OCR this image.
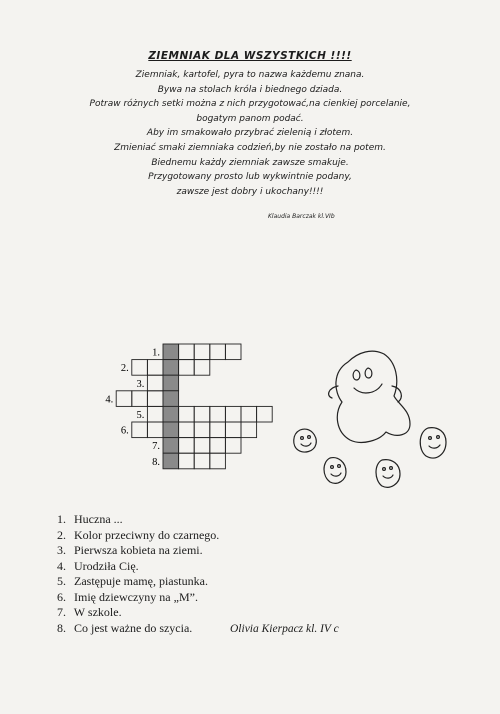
ZIEMNIAK DLA WSZYSTKICH !!!!
Ziemniak, kartofel, pyra to nazwa każdemu znana.
Bywa na stolach króla i biednego dziada.
Potraw różnych setki można z nich przygotować,na cienkiej porcelanie,
bogatym panom podać.
Aby im smakowało przybrać zielenią i złotem.
Zmieniać smaki ziemniaka codzień,by nie zostało na potem.
Biednemu każdy ziemniak zawsze smakuje.
Przygotowany prosto lub wykwintnie podany,
zawsze jest dobry i ukochany!!!!
Klaudia Barczak kl.VIb
1.
2.
3.
4.
5.
6.
7.
8.
1. Huczna ...
2. Kolor przeciwny do czarnego.
3. Pierwsza kobieta na ziemi.
4. Urodziła Cię.
5. Zastępuje mamę, piastunka.
6. Imię dziewczyny na „M”.
7. W szkole.
8. Co jest ważne do szycia.	Olivia Kierpacz kl. IV c
